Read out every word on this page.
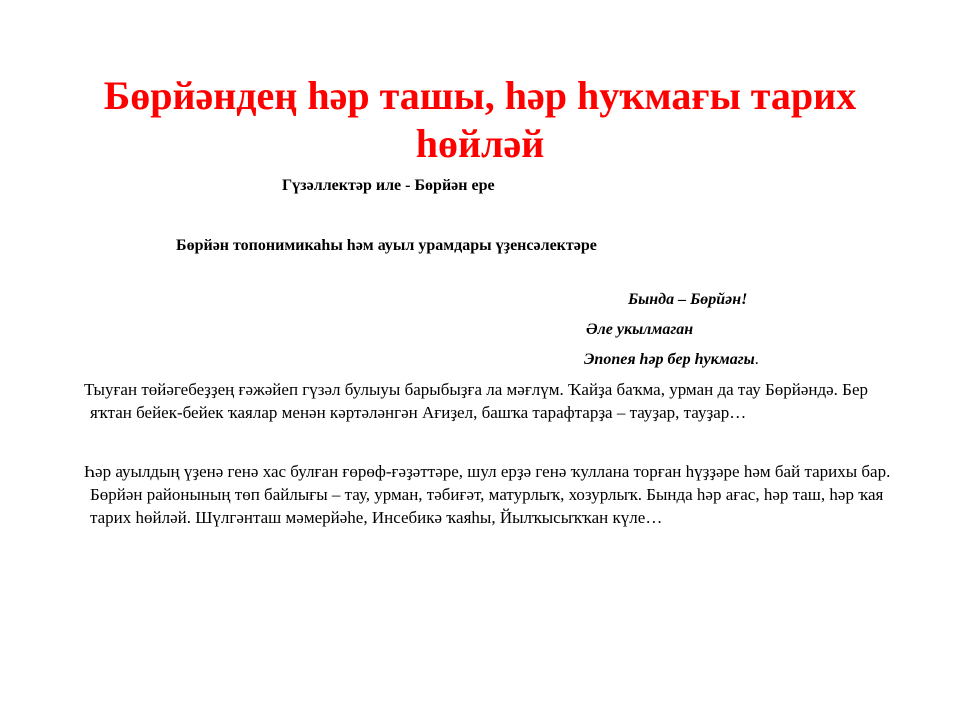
Бөрйәндең һәр ташы, һәр һуҡмағы тарих һөйләй
Гүзәллектәр иле - Бөрйән ере
Бөрйән топонимикаһы һәм ауыл урамдары үҙенсәлектәре
Бында – Бөрйән!
Әле укылмаган
Эпопея һәр бер һукмагы.
Тыуған төйәгебеҙҙең ғәжәйеп гүзәл булыуы барыбыҙға ла мәғлүм. Ҡайҙа баҡма, урман да тау Бөрйәндә. Бер яҡтан бейек-бейек ҡаялар менән кәртәләнгән Ағиҙел, башҡа тарафтарҙа – тауҙар, тауҙар…
Һәр ауылдың үҙенә генә хас булған ғөрөф-ғәҙәттәре, шул ерҙә генә ҡуллана торған һүҙҙәре һәм бай тарихы бар. Бөрйән районының төп байлығы – тау, урман, тәбиғәт, матурлыҡ, хозурлыҡ. Бында һәр ағас, һәр таш, һәр ҡая тарих һөйләй. Шүлгәнташ мәмерйәһе, Инсебикә ҡаяһы, Йылҡысыҡҡан күле…
